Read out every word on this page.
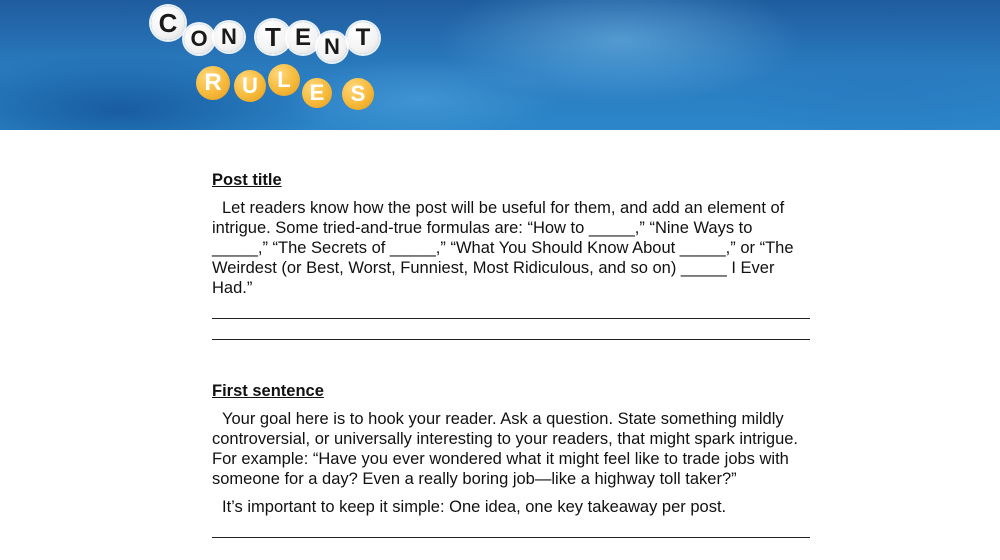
C
O N	T E N T
R U L
E	S
Post title

Let readers know how the post will be useful for them, and add an element of intrigue. Some tried-and-true formulas are: “How to _____,” “Nine Ways to _____,” “The Secrets of _____,” “What You Should Know About _____,” or “The Weirdest (or Best, Worst, Funniest, Most Ridiculous, and so on) _____ I Ever Had.”

First sentence

Your goal here is to hook your reader. Ask a question. State something mildly controversial, or universally interesting to your readers, that might spark intrigue. For example: “Have you ever wondered what it might feel like to trade jobs with someone for a day? Even a really boring job—like a highway toll taker?”

It’s important to keep it simple: One idea, one key takeaway per post.
